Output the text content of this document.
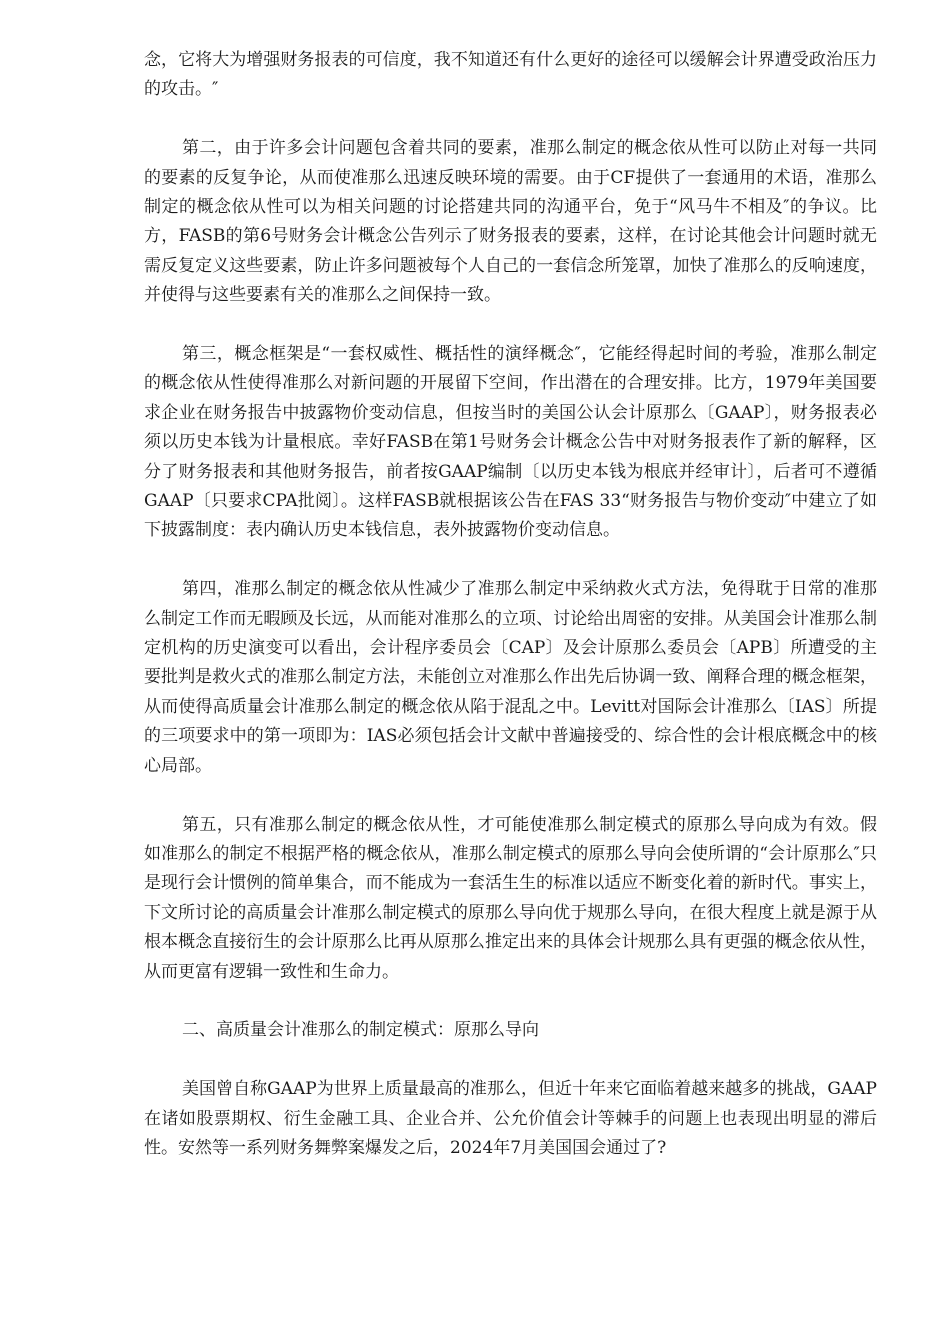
念，它将大为增强财务报表的可信度，我不知道还有什么更好的途径可以缓解会计界遭受政治压力的攻击。″

第二，由于许多会计问题包含着共同的要素，准那么制定的概念依从性可以防止对每一共同的要素的反复争论，从而使准那么迅速反映环境的需要。由于CF提供了一套通用的术语，准那么制定的概念依从性可以为相关问题的讨论搭建共同的沟通平台，免于“风马牛不相及″的争议。比方，FASB的第6号财务会计概念公告列示了财务报表的要素，这样，在讨论其他会计问题时就无需反复定义这些要素，防止许多问题被每个人自己的一套信念所笼罩，加快了准那么的反响速度，并使得与这些要素有关的准那么之间保持一致。

第三，概念框架是“一套权威性、概括性的演绎概念″，它能经得起时间的考验，准那么制定的概念依从性使得准那么对新问题的开展留下空间，作出潜在的合理安排。比方，1979年美国要求企业在财务报告中披露物价变动信息，但按当时的美国公认会计原那么〔GAAP〕，财务报表必须以历史本钱为计量根底。幸好FASB在第1号财务会计概念公告中对财务报表作了新的解释，区分了财务报表和其他财务报告，前者按GAAP编制〔以历史本钱为根底并经审计〕，后者可不遵循GAAP〔只要求CPA批阅〕。这样FASB就根据该公告在FAS 33“财务报告与物价变动″中建立了如下披露制度：表内确认历史本钱信息，表外披露物价变动信息。

第四，准那么制定的概念依从性减少了准那么制定中采纳救火式方法，免得耽于日常的准那么制定工作而无暇顾及长远，从而能对准那么的立项、讨论给出周密的安排。从美国会计准那么制定机构的历史演变可以看出，会计程序委员会〔CAP〕及会计原那么委员会〔APB〕所遭受的主要批判是救火式的准那么制定方法，未能创立对准那么作出先后协调一致、阐释合理的概念框架，从而使得高质量会计准那么制定的概念依从陷于混乱之中。Levitt对国际会计准那么〔IAS〕所提的三项要求中的第一项即为：IAS必须包括会计文献中普遍接受的、综合性的会计根底概念中的核心局部。

第五，只有准那么制定的概念依从性，才可能使准那么制定模式的原那么导向成为有效。假如准那么的制定不根据严格的概念依从，准那么制定模式的原那么导向会使所谓的“会计原那么″只是现行会计惯例的简单集合，而不能成为一套活生生的标准以适应不断变化着的新时代。事实上，下文所讨论的高质量会计准那么制定模式的原那么导向优于规那么导向，在很大程度上就是源于从根本概念直接衍生的会计原那么比再从原那么推定出来的具体会计规那么具有更强的概念依从性，从而更富有逻辑一致性和生命力。

二、高质量会计准那么的制定模式：原那么导向

美国曾自称GAAP为世界上质量最高的准那么，但近十年来它面临着越来越多的挑战，GAAP在诸如股票期权、衍生金融工具、企业合并、公允价值会计等棘手的问题上也表现出明显的滞后性。安然等一系列财务舞弊案爆发之后，2024年7月美国国会通过了?
